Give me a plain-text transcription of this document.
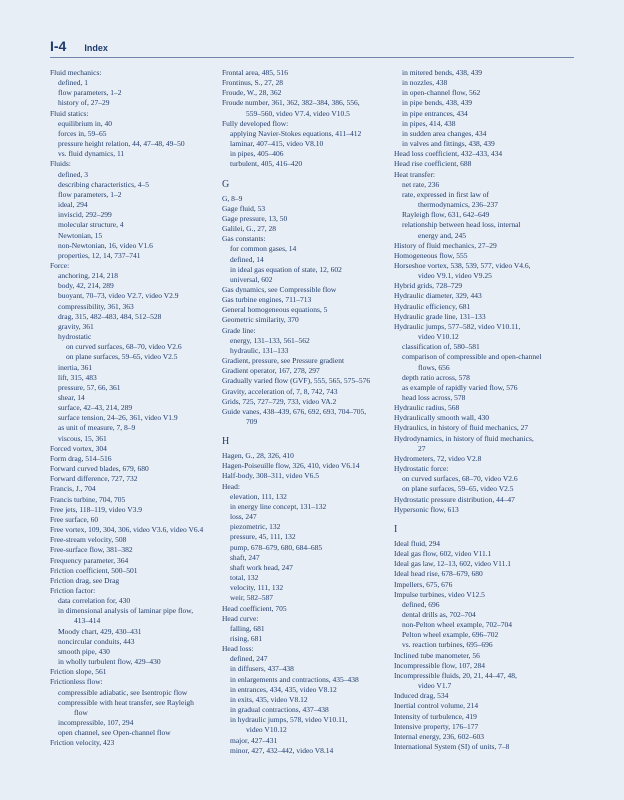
I-4 Index
Fluid mechanics:
defined, 1
flow parameters, 1–2
history of, 27–29
Fluid statics:
equilibrium in, 40
forces in, 59–65
pressure height relation, 44, 47–48, 49–50
vs. fluid dynamics, 11
Fluids:
defined, 3
describing characteristics, 4–5
flow parameters, 1–2
ideal, 294
inviscid, 292–299
molecular structure, 4
Newtonian, 15
non-Newtonian, 16, video V1.6
properties, 12, 14, 737–741
Force:
anchoring, 214, 218
body, 42, 214, 289
buoyant, 70–73, video V2.7, video V2.9
compressibility, 361, 363
drag, 315, 482–483, 484, 512–528
gravity, 361
hydrostatic
on curved surfaces, 68–70, video V2.6
on plane surfaces, 59–65, video V2.5
inertia, 361
lift, 315, 483
pressure, 57, 66, 361
shear, 14
surface, 42–43, 214, 289
surface tension, 24–26, 361, video V1.9
as unit of measure, 7, 8–9
viscous, 15, 361
Forced vortex, 304
Form drag, 514–516
Forward curved blades, 679, 680
Forward difference, 727, 732
Francis, J., 704
Francis turbine, 704, 705
Free jets, 118–119, video V3.9
Free surface, 60
Free vortex, 109, 304, 306, video V3.6, video V6.4
Free-stream velocity, 508
Free-surface flow, 381–382
Frequency parameter, 364
Friction coefficient, 500–501
Friction drag, see Drag
Friction factor:
data correlation for, 430
in dimensional analysis of laminar pipe flow,
413–414
Moody chart, 429, 430–431
noncircular conduits, 443
smooth pipe, 430
in wholly turbulent flow, 429–430
Friction slope, 561
Frictionless flow:
compressible adiabatic, see Isentropic flow
compressible with heat transfer, see Rayleigh
flow
incompressible, 107, 294
open channel, see Open-channel flow
Friction velocity, 423
Frontal area, 485, 516
Frontinus, S., 27, 28
Froude, W., 28, 362
Froude number, 361, 362, 382–384, 386, 556,
559–560, video V7.4, video V10.5
Fully developed flow:
applying Navier-Stokes equations, 411–412
laminar, 407–415, video V8.10
in pipes, 405–406
turbulent, 405, 416–420
G
G, 8–9
Gage fluid, 53
Gage pressure, 13, 50
Galilei, G., 27, 28
Gas constants:
for common gases, 14
defined, 14
in ideal gas equation of state, 12, 602
universal, 602
Gas dynamics, see Compressible flow
Gas turbine engines, 711–713
General homogeneous equations, 5
Geometric similarity, 370
Grade line:
energy, 131–133, 561–562
hydraulic, 131–133
Gradient, pressure, see Pressure gradient
Gradient operator, 167, 278, 297
Gradually varied flow (GVF), 555, 565, 575–576
Gravity, acceleration of, 7, 8, 742, 743
Grids, 725, 727–729, 733, video VA.2
Guide vanes, 438–439, 676, 692, 693, 704–705,
709
H
Hagen, G., 28, 326, 410
Hagen-Poiseuille flow, 326, 410, video V6.14
Half-body, 308–311, video V6.5
Head:
elevation, 111, 132
in energy line concept, 131–132
loss, 247
piezometric, 132
pressure, 45, 111, 132
pump, 678–679, 680, 684–685
shaft, 247
shaft work head, 247
total, 132
velocity, 111, 132
weir, 582–587
Head coefficient, 705
Head curve:
falling, 681
rising, 681
Head loss:
defined, 247
in diffusers, 437–438
in enlargements and contractions, 435–438
in entrances, 434, 435, video V8.12
in exits, 435, video V8.12
in gradual contractions, 437–438
in hydraulic jumps, 578, video V10.11,
video V10.12
major, 427–431
minor, 427, 432–442, video V8.14
in mitered bends, 438, 439
in nozzles, 438
in open-channel flow, 562
in pipe bends, 438, 439
in pipe entrances, 434
in pipes, 414, 438
in sudden area changes, 434
in valves and fittings, 438, 439
Head loss coefficient, 432–433, 434
Head rise coefficient, 688
Heat transfer:
net rate, 236
rate, expressed in first law of
thermodynamics, 236–237
Rayleigh flow, 631, 642–649
relationship between head loss, internal
energy and, 245
History of fluid mechanics, 27–29
Homogeneous flow, 555
Horseshoe vortex, 538, 539, 577, video V4.6,
video V9.1, video V9.25
Hybrid grids, 728–729
Hydraulic diameter, 329, 443
Hydraulic efficiency, 681
Hydraulic grade line, 131–133
Hydraulic jumps, 577–582, video V10.11,
video V10.12
classification of, 580–581
comparison of compressible and open-channel
flows, 656
depth ratio across, 578
as example of rapidly varied flow, 576
head loss across, 578
Hydraulic radius, 568
Hydraulically smooth wall, 430
Hydraulics, in history of fluid mechanics, 27
Hydrodynamics, in history of fluid mechanics,
27
Hydrometers, 72, video V2.8
Hydrostatic force:
on curved surfaces, 68–70, video V2.6
on plane surfaces, 59–65, video V2.5
Hydrostatic pressure distribution, 44–47
Hypersonic flow, 613
I
Ideal fluid, 294
Ideal gas flow, 602, video V11.1
Ideal gas law, 12–13, 602, video V11.1
Ideal head rise, 678–679, 680
Impellers, 675, 676
Impulse turbines, video V12.5
defined, 696
dental drills as, 702–704
non-Pelton wheel example, 702–704
Pelton wheel example, 696–702
vs. reaction turbines, 695–696
Inclined tube manometer, 56
Incompressible flow, 107, 284
Incompressible fluids, 20, 21, 44–47, 48,
video V1.7
Induced drag, 534
Inertial control volume, 214
Intensity of turbulence, 419
Intensive property, 176–177
Internal energy, 236, 602–603
International System (SI) of units, 7–8
